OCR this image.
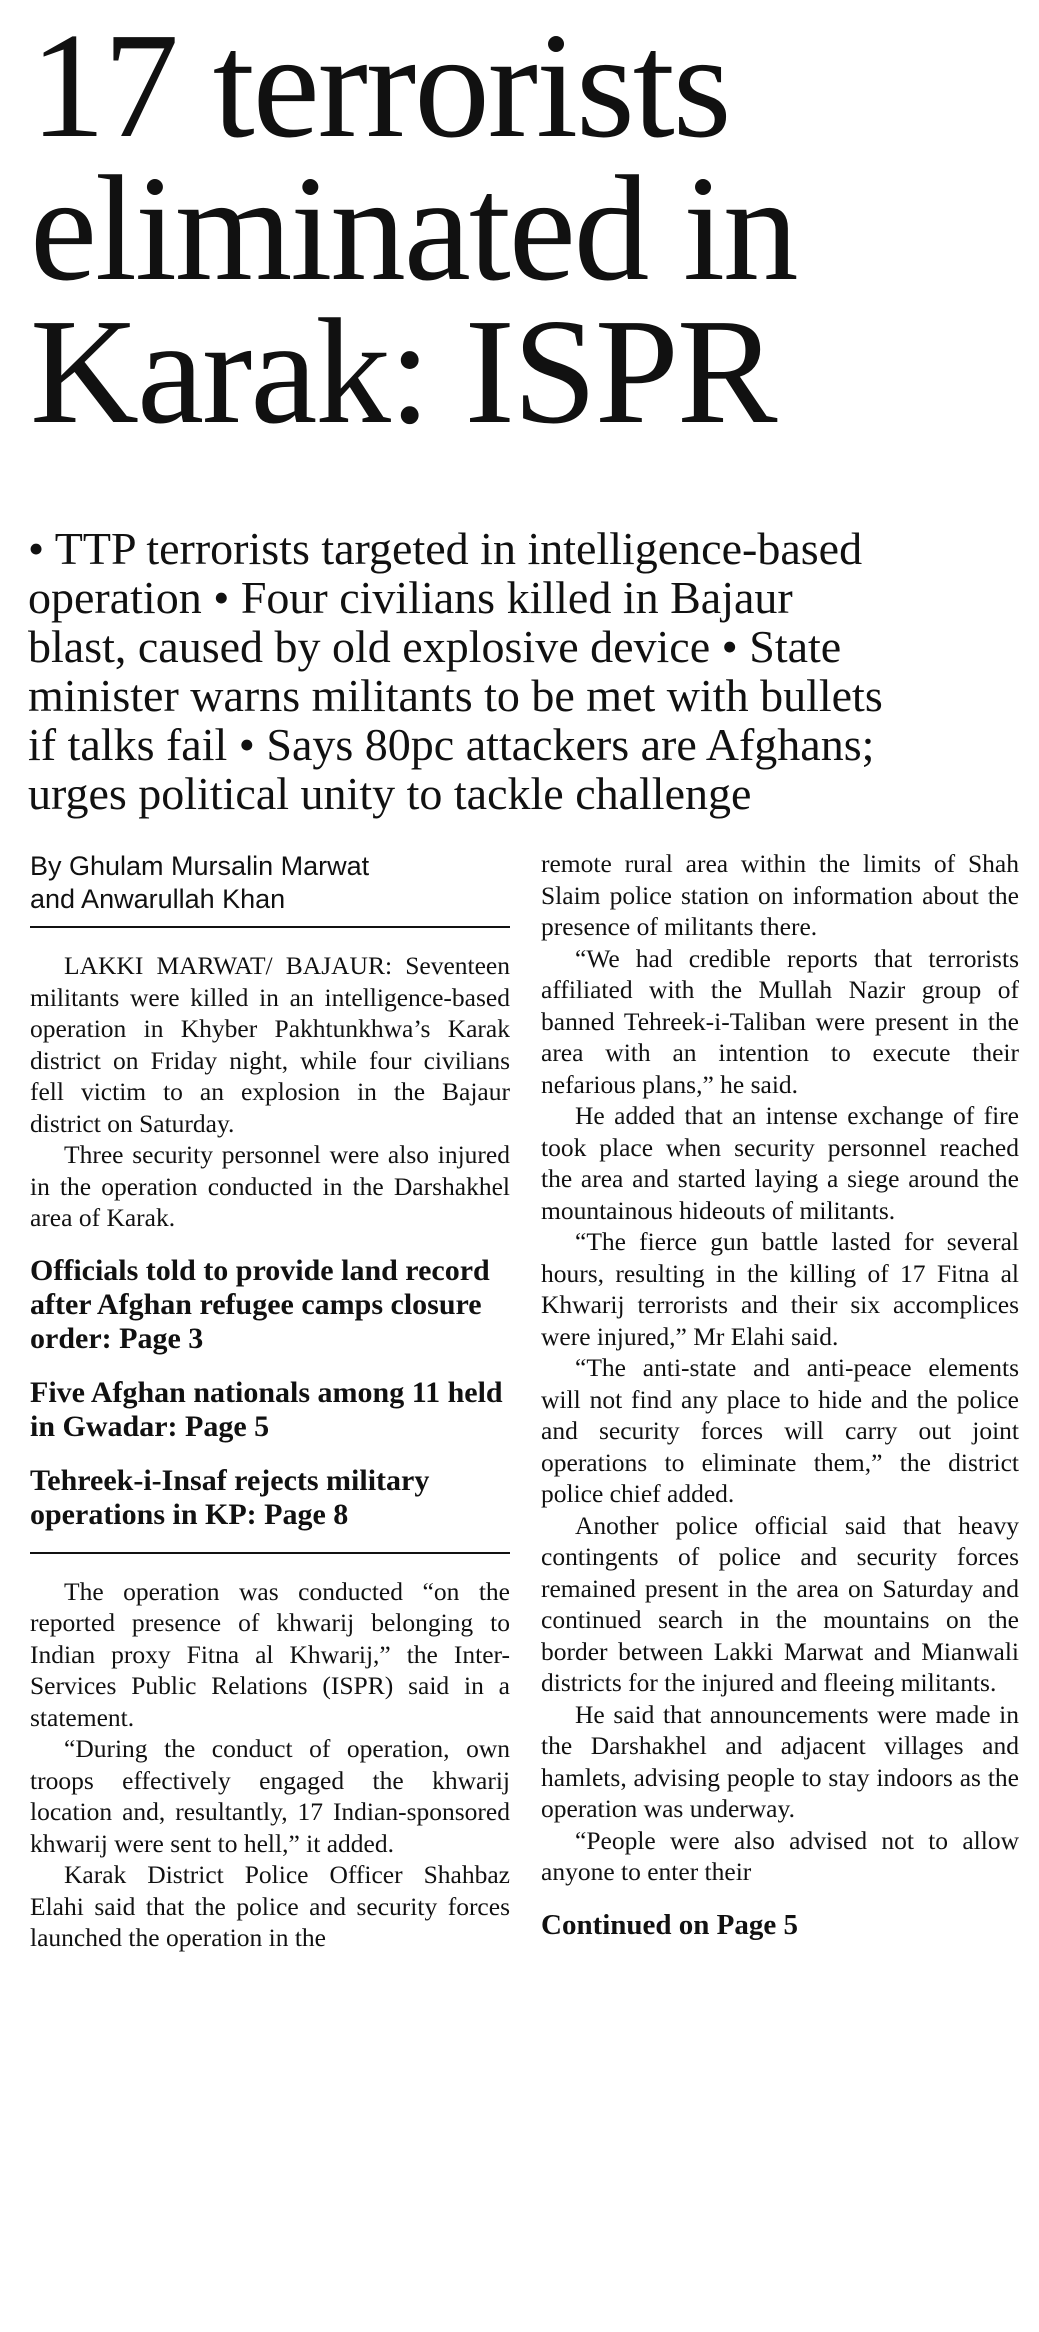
17 terrorists
eliminated in
Karak: ISPR
• TTP terrorists targeted in intelligence-based
operation • Four civilians killed in Bajaur
blast, caused by old explosive device • State
minister warns militants to be met with bullets
if talks fail • Says 80pc attackers are Afghans;
urges political unity to tackle challenge
By Ghulam Mursalin Marwat
and Anwarullah Khan

LAKKI MARWAT/ BAJAUR: Seventeen militants were killed in an intelligence-based operation in Khyber Pakhtunkhwa’s Karak district on Friday night, while four civilians fell victim to an explosion in the Bajaur district on Saturday.

Three security personnel were also injured in the operation conducted in the Darshakhel area of Karak.

Officials told to provide land record after Afghan refugee camps closure order: Page 3

Five Afghan nationals among 11 held in Gwadar: Page 5

Tehreek-i-Insaf rejects military operations in KP: Page 8

The operation was conducted “on the reported presence of khwarij belonging to Indian proxy Fitna al Khwarij,” the Inter-Services Public Relations (ISPR) said in a statement.

“During the conduct of operation, own troops effectively engaged the khwarij location and, resultantly, 17 Indian-sponsored khwarij were sent to hell,” it added.

Karak District Police Officer Shahbaz Elahi said that the police and security forces launched the operation in the

remote rural area within the limits of Shah Slaim police station on information about the presence of militants there.

“We had credible reports that terrorists affiliated with the Mullah Nazir group of banned Tehreek-i-Taliban were present in the area with an intention to execute their nefarious plans,” he said.

He added that an intense exchange of fire took place when security personnel reached the area and started laying a siege around the mountainous hideouts of militants.

“The fierce gun battle lasted for several hours, resulting in the killing of 17 Fitna al Khwarij terrorists and their six accomplices were injured,” Mr Elahi said.

“The anti-state and anti-peace elements will not find any place to hide and the police and security forces will carry out joint operations to eliminate them,” the district police chief added.

Another police official said that heavy contingents of police and security forces remained present in the area on Saturday and continued search in the mountains on the border between Lakki Marwat and Mianwali districts for the injured and fleeing militants.

He said that announcements were made in the Darshakhel and adjacent villages and hamlets, advising people to stay indoors as the operation was underway.

“People were also advised not to allow anyone to enter their

Continued on Page 5
